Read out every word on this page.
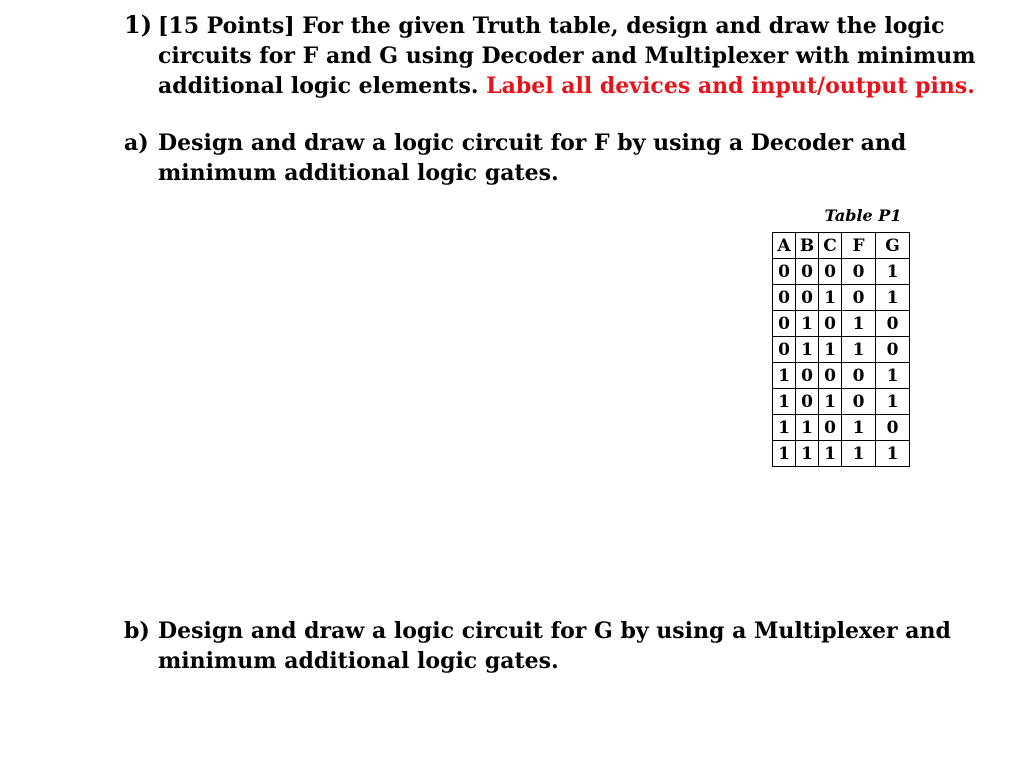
1) [15 Points] For the given Truth table, design and draw the logic
circuits for F and G using Decoder and Multiplexer with minimum
additional logic elements. Label all devices and input/output pins.
a) Design and draw a logic circuit for F by using a Decoder and
minimum additional logic gates.
Table P1
A	B	C	F	G
0	0	0	0	1
0	0	1	0	1
0	1	0	1	0
0	1	1	1	0
1	0	0	0	1
1	0	1	0	1
1	1	0	1	0
1	1	1	1	1
b) Design and draw a logic circuit for G by using a Multiplexer and
minimum additional logic gates.
